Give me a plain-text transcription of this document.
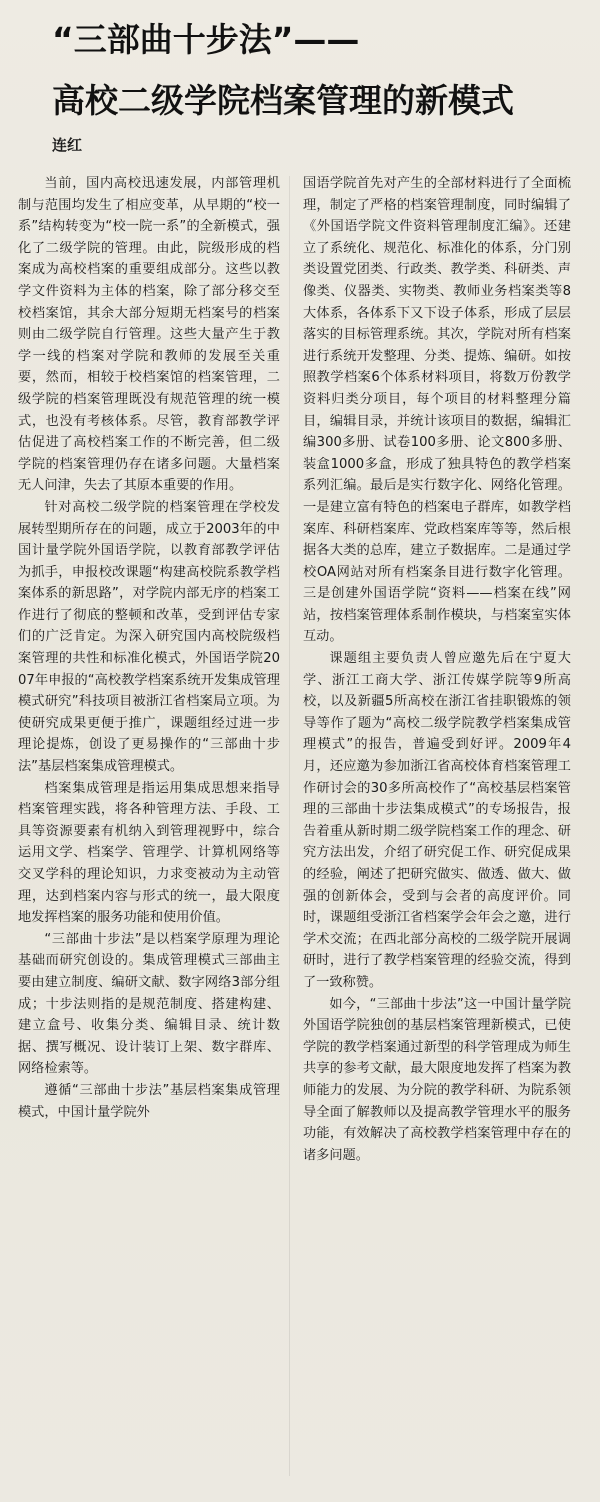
“三部曲十步法”——
高校二级学院档案管理的新模式
连红

当前，国内高校迅速发展，内部管理机制与范围均发生了相应变革，从早期的“校一系”结构转变为“校一院一系”的全新模式，强化了二级学院的管理。由此，院级形成的档案成为高校档案的重要组成部分。这些以教学文件资料为主体的档案，除了部分移交至校档案馆，其余大部分短期无档案号的档案则由二级学院自行管理。这些大量产生于教学一线的档案对学院和教师的发展至关重要，然而，相较于校档案馆的档案管理，二级学院的档案管理既没有规范管理的统一模式，也没有考核体系。尽管，教育部教学评估促进了高校档案工作的不断完善，但二级学院的档案管理仍存在诸多问题。大量档案无人问津，失去了其原本重要的作用。

针对高校二级学院的档案管理在学校发展转型期所存在的问题，成立于2003年的中国计量学院外国语学院，以教育部教学评估为抓手，申报校改课题“构建高校院系教学档案体系的新思路”，对学院内部无序的档案工作进行了彻底的整顿和改革，受到评估专家们的广泛肯定。为深入研究国内高校院级档案管理的共性和标准化模式，外国语学院2007年申报的“高校教学档案系统开发集成管理模式研究”科技项目被浙江省档案局立项。为使研究成果更便于推广，课题组经过进一步理论提炼，创设了更易操作的“三部曲十步法”基层档案集成管理模式。

档案集成管理是指运用集成思想来指导档案管理实践，将各种管理方法、手段、工具等资源要素有机纳入到管理视野中，综合运用文学、档案学、管理学、计算机网络等交叉学科的理论知识，力求变被动为主动管理，达到档案内容与形式的统一，最大限度地发挥档案的服务功能和使用价值。

“三部曲十步法”是以档案学原理为理论基础而研究创设的。集成管理模式三部曲主要由建立制度、编研文献、数字网络3部分组成；十步法则指的是规范制度、搭建构建、建立盒号、收集分类、编辑目录、统计数据、撰写概况、设计装订上架、数字群库、网络检索等。

遵循“三部曲十步法”基层档案集成管理模式，中国计量学院外

国语学院首先对产生的全部材料进行了全面梳理，制定了严格的档案管理制度，同时编辑了《外国语学院文件资料管理制度汇编》。还建立了系统化、规范化、标准化的体系，分门别类设置党团类、行政类、教学类、科研类、声像类、仪器类、实物类、教师业务档案类等8大体系，各体系下又下设子体系，形成了层层落实的目标管理系统。其次，学院对所有档案进行系统开发整理、分类、提炼、编研。如按照教学档案6个体系材料项目，将数万份教学资料归类分项目，每个项目的材料整理分篇目，编辑目录，并统计该项目的数据，编辑汇编300多册、试卷100多册、论文800多册、装盒1000多盒，形成了独具特色的教学档案系列汇编。最后是实行数字化、网络化管理。一是建立富有特色的档案电子群库，如教学档案库、科研档案库、党政档案库等等，然后根据各大类的总库，建立子数据库。二是通过学校OA网站对所有档案条目进行数字化管理。三是创建外国语学院“资料——档案在线”网站，按档案管理体系制作模块，与档案室实体互动。

课题组主要负责人曾应邀先后在宁夏大学、浙江工商大学、浙江传媒学院等9所高校，以及新疆5所高校在浙江省挂职锻炼的领导等作了题为“高校二级学院教学档案集成管理模式”的报告，普遍受到好评。2009年4月，还应邀为参加浙江省高校体育档案管理工作研讨会的30多所高校作了“高校基层档案管理的三部曲十步法集成模式”的专场报告，报告着重从新时期二级学院档案工作的理念、研究方法出发，介绍了研究促工作、研究促成果的经验，阐述了把研究做实、做透、做大、做强的创新体会，受到与会者的高度评价。同时，课题组受浙江省档案学会年会之邀，进行学术交流；在西北部分高校的二级学院开展调研时，进行了教学档案管理的经验交流，得到了一致称赞。

如今，“三部曲十步法”这一中国计量学院外国语学院独创的基层档案管理新模式，已使学院的教学档案通过新型的科学管理成为师生共享的参考文献，最大限度地发挥了档案为教师能力的发展、为分院的教学科研、为院系领导全面了解教师以及提高教学管理水平的服务功能，有效解决了高校教学档案管理中存在的诸多问题。
